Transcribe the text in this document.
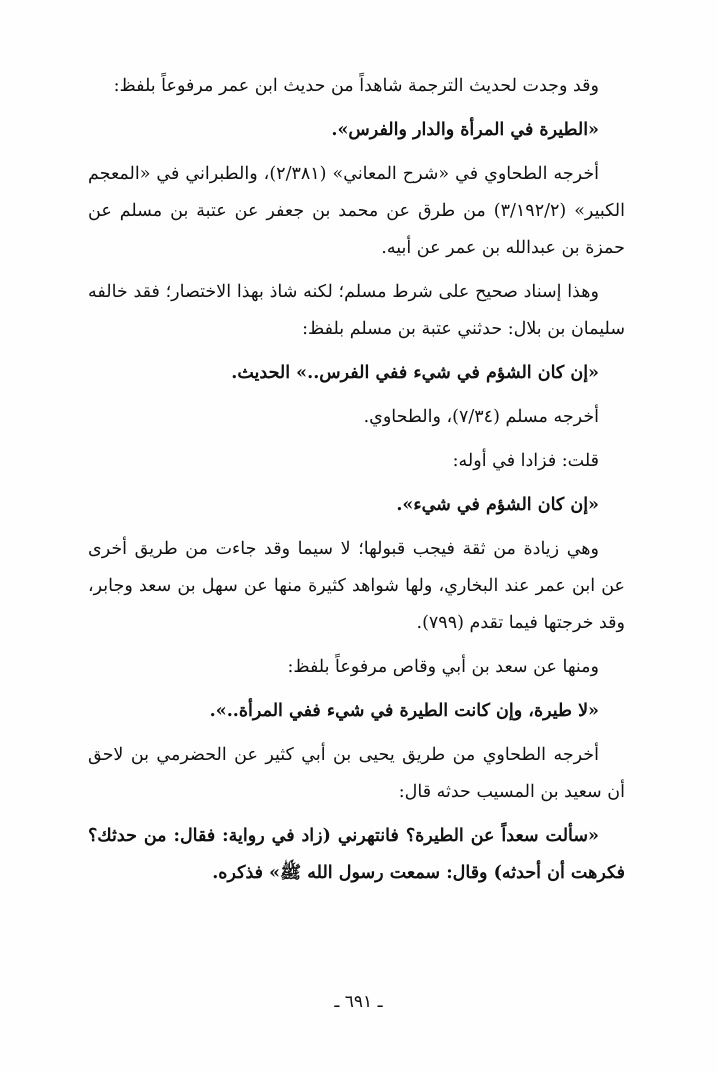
وقد وجدت لحديث الترجمة شاهداً من حديث ابن عمر مرفوعاً بلفظ:

«الطيرة في المرأة والدار والفرس».

أخرجه الطحاوي في «شرح المعاني» (٢/٣٨١)، والطبراني في «المعجم الكبير» (٣/١٩٢/٢) من طرق عن محمد بن جعفر عن عتبة بن مسلم عن حمزة بن عبدالله بن عمر عن أبيه.

وهذا إسناد صحيح على شرط مسلم؛ لكنه شاذ بهذا الاختصار؛ فقد خالفه سليمان بن بلال: حدثني عتبة بن مسلم بلفظ:

«إن كان الشؤم في شيء ففي الفرس..» الحديث.

أخرجه مسلم (٧/٣٤)، والطحاوي.

قلت: فزادا في أوله:

«إن كان الشؤم في شيء».

وهي زيادة من ثقة فيجب قبولها؛ لا سيما وقد جاءت من طريق أخرى عن ابن عمر عند البخاري، ولها شواهد كثيرة منها عن سهل بن سعد وجابر، وقد خرجتها فيما تقدم (٧٩٩).

ومنها عن سعد بن أبي وقاص مرفوعاً بلفظ:

«لا طيرة، وإن كانت الطيرة في شيء ففي المرأة..».

أخرجه الطحاوي من طريق يحيى بن أبي كثير عن الحضرمي بن لاحق أن سعيد بن المسيب حدثه قال:

«سألت سعداً عن الطيرة؟ فانتهرني (زاد في رواية: فقال: من حدثك؟ فكرهت أن أحدثه) وقال: سمعت رسول الله ﷺ» فذكره.

ـ ٦٩١ ـ
